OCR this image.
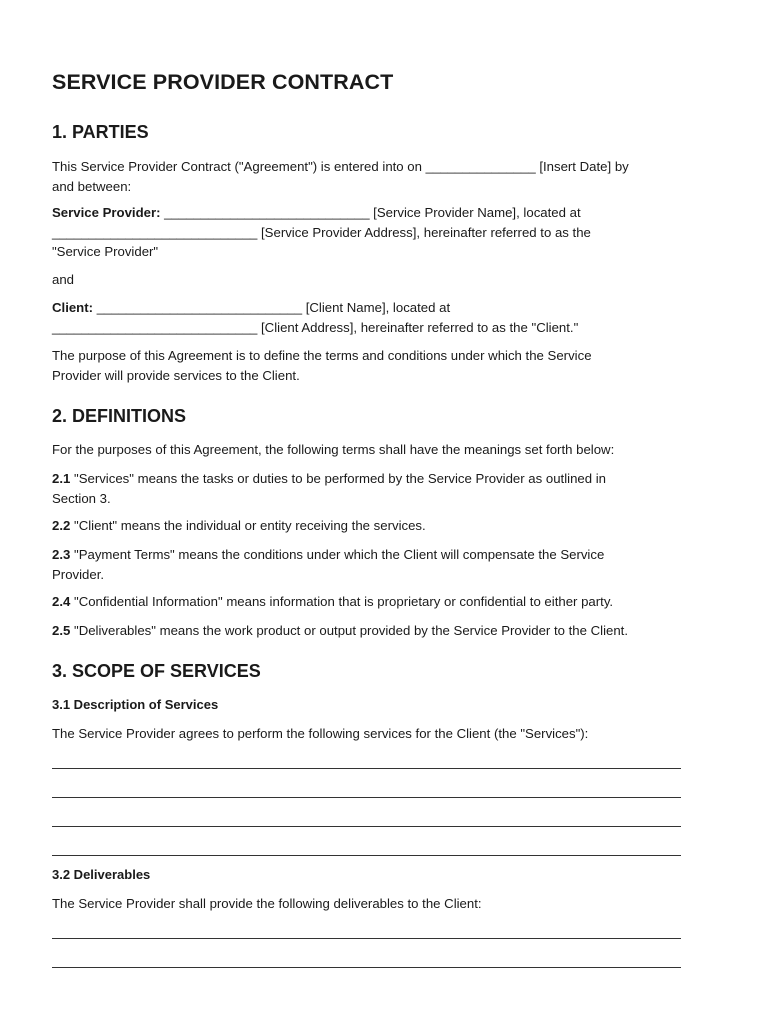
SERVICE PROVIDER CONTRACT
1. PARTIES
This Service Provider Contract ("Agreement") is entered into on _______________ [Insert Date] by
and between:
Service Provider: ____________________________ [Service Provider Name], located at
____________________________ [Service Provider Address], hereinafter referred to as the
"Service Provider"
and
Client: ____________________________ [Client Name], located at
____________________________ [Client Address], hereinafter referred to as the "Client."
The purpose of this Agreement is to define the terms and conditions under which the Service
Provider will provide services to the Client.
2. DEFINITIONS
For the purposes of this Agreement, the following terms shall have the meanings set forth below:
2.1 "Services" means the tasks or duties to be performed by the Service Provider as outlined in
Section 3.
2.2 "Client" means the individual or entity receiving the services.
2.3 "Payment Terms" means the conditions under which the Client will compensate the Service
Provider.
2.4 "Confidential Information" means information that is proprietary or confidential to either party.
2.5 "Deliverables" means the work product or output provided by the Service Provider to the Client.
3. SCOPE OF SERVICES
3.1 Description of Services
The Service Provider agrees to perform the following services for the Client (the "Services"):
3.2 Deliverables
The Service Provider shall provide the following deliverables to the Client:
